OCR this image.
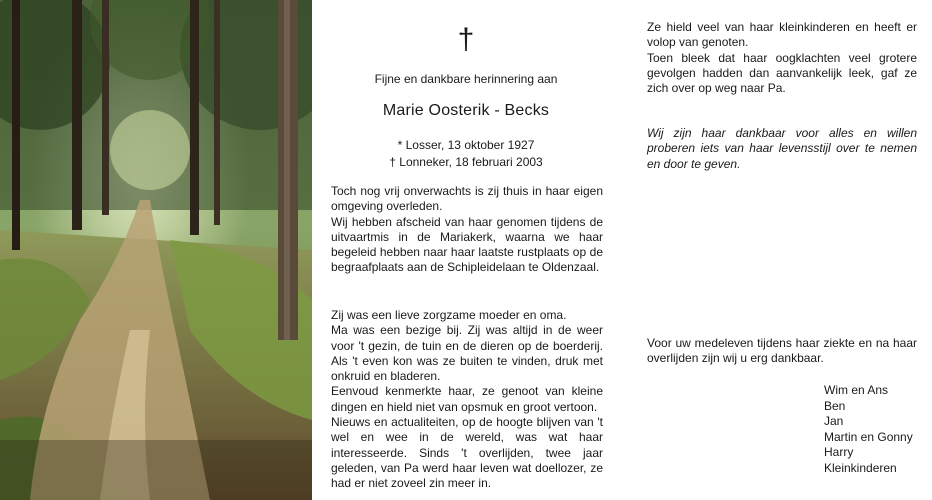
†
Fijne en dankbare herinnering aan
Marie Oosterik - Becks
* Losser, 13 oktober 1927
† Lonneker, 18 februari 2003

Toch nog vrij onverwachts is zij thuis in haar eigen omgeving overleden.

Wij hebben afscheid van haar genomen tijdens de uitvaartmis in de Mariakerk, waarna we haar begeleid hebben naar haar laatste rustplaats op de begraafplaats aan de Schipleidelaan te Oldenzaal.

Zij was een lieve zorgzame moeder en oma.

Ma was een bezige bij. Zij was altijd in de weer voor 't gezin, de tuin en de dieren op de boerderij. Als 't even kon was ze buiten te vinden, druk met onkruid en bladeren.

Eenvoud kenmerkte haar, ze genoot van kleine dingen en hield niet van opsmuk en groot vertoon.

Nieuws en actualiteiten, op de hoogte blijven van 't wel en wee in de wereld, was wat haar interesseerde. Sinds 't overlijden, twee jaar geleden, van Pa werd haar leven wat doellozer, ze had er niet zoveel zin meer in.

Ze hield veel van haar kleinkinderen en heeft er volop van genoten.

Toen bleek dat haar oogklachten veel grotere gevolgen hadden dan aanvankelijk leek, gaf ze zich over op weg naar Pa.

Wij zijn haar dankbaar voor alles en willen proberen iets van haar levensstijl over te nemen en door te geven.
Voor uw medeleven tijdens haar ziekte en na haar overlijden zijn wij u erg dankbaar.
Wim en Ans
Ben
Jan
Martin en Gonny
Harry
Kleinkinderen
